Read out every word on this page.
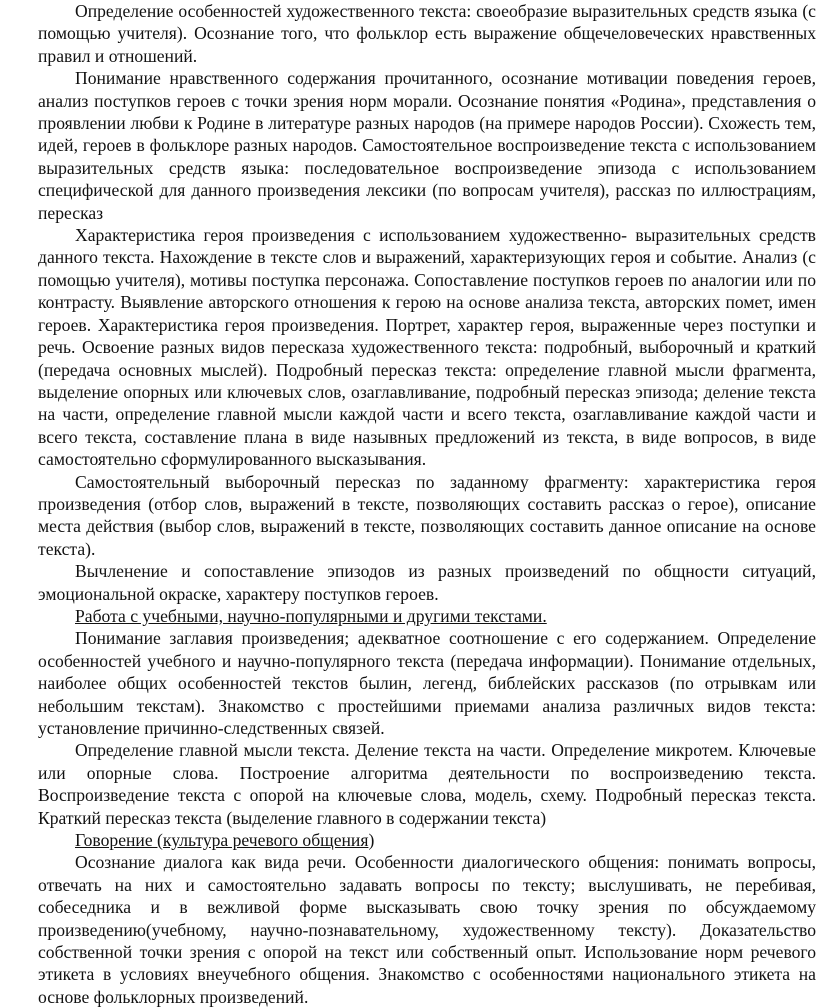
Определение особенностей художественного текста: своеобразие выразительных средств языка (с помощью учителя). Осознание того, что фольклор есть выражение общечеловеческих нравственных правил и отношений.

Понимание нравственного содержания прочитанного, осознание мотивации поведения героев, анализ поступков героев с точки зрения норм морали. Осознание понятия «Родина», представления о проявлении любви к Родине в литературе разных народов (на примере народов России). Схожесть тем, идей, героев в фольклоре разных народов. Самостоятельное воспроизведение текста с использованием выразительных средств языка: последовательное воспроизведение эпизода с использованием специфической для данного произведения лексики (по вопросам учителя), рассказ по иллюстрациям, пересказ

Характеристика героя произведения с использованием художественно- выразительных средств данного текста. Нахождение в тексте слов и выражений, характеризующих героя и событие. Анализ (с помощью учителя), мотивы поступка персонажа. Сопоставление поступков героев по аналогии или по контрасту. Выявление авторского отношения к герою на основе анализа текста, авторских помет, имен героев. Характеристика героя произведения. Портрет, характер героя, выраженные через поступки и речь. Освоение разных видов пересказа художественного текста: подробный, выборочный и краткий (передача основных мыслей). Подробный пересказ текста: определение главной мысли фрагмента, выделение опорных или ключевых слов, озаглавливание, подробный пересказ эпизода; деление текста на части, определение главной мысли каждой части и всего текста, озаглавливание каждой части и всего текста, составление плана в виде назывных предложений из текста, в виде вопросов, в виде самостоятельно сформулированного высказывания.

Самостоятельный выборочный пересказ по заданному фрагменту: характеристика героя произведения (отбор слов, выражений в тексте, позволяющих составить рассказ о герое), описание места действия (выбор слов, выражений в тексте, позволяющих составить данное описание на основе текста).

Вычленение и сопоставление эпизодов из разных произведений по общности ситуаций, эмоциональной окраске, характеру поступков героев.

Работа с учебными, научно-популярными и другими текстами.

Понимание заглавия произведения; адекватное соотношение с его содержанием. Определение особенностей учебного и научно-популярного текста (передача информации). Понимание отдельных, наиболее общих особенностей текстов былин, легенд, библейских рассказов (по отрывкам или небольшим текстам). Знакомство с простейшими приемами анализа различных видов текста: установление причинно-следственных связей.

Определение главной мысли текста. Деление текста на части. Определение микротем. Ключевые или опорные слова. Построение алгоритма деятельности по воспроизведению текста. Воспроизведение текста с опорой на ключевые слова, модель, схему. Подробный пересказ текста. Краткий пересказ текста (выделение главного в содержании текста)

Говорение (культура речевого общения)

Осознание диалога как вида речи. Особенности диалогического общения: понимать вопросы, отвечать на них и самостоятельно задавать вопросы по тексту; выслушивать, не перебивая, собеседника и в вежливой форме высказывать свою точку зрения по обсуждаемому произведению(учебному, научно-познавательному, художественному тексту). Доказательство собственной точки зрения с опорой на текст или собственный опыт. Использование норм речевого этикета в условиях внеучебного общения. Знакомство с особенностями национального этикета на основе фольклорных произведений.
